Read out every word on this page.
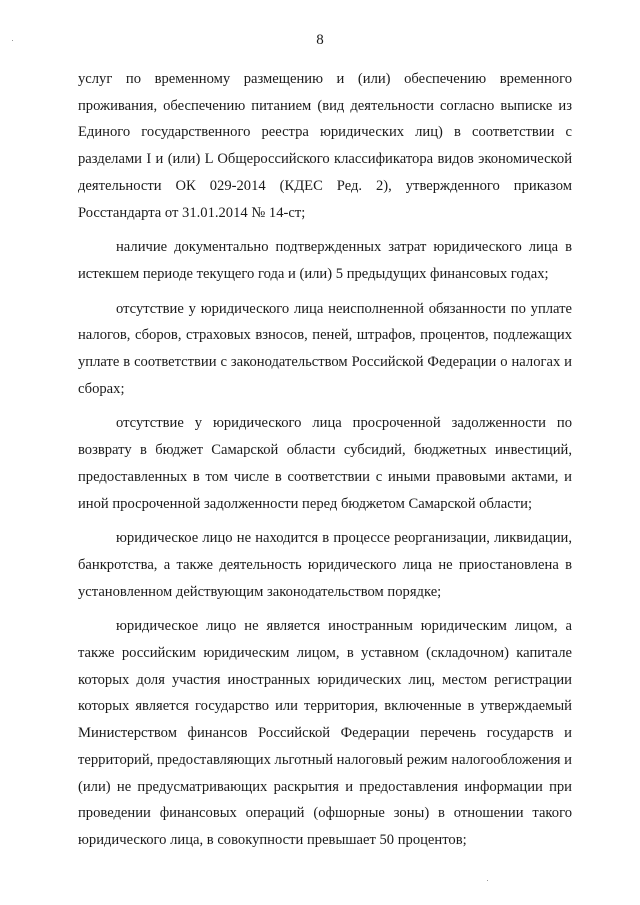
8

услуг по временному размещению и (или) обеспечению временного проживания, обеспечению питанием (вид деятельности согласно выписке из Единого государственного реестра юридических лиц) в соответствии с разделами I и (или) L Общероссийского классификатора видов экономической деятельности ОК 029-2014 (КДЕС Ред. 2), утвержденного приказом Росстандарта от 31.01.2014 № 14-ст;

наличие документально подтвержденных затрат юридического лица в истекшем периоде текущего года и (или) 5 предыдущих финансовых годах;

отсутствие у юридического лица неисполненной обязанности по уплате налогов, сборов, страховых взносов, пеней, штрафов, процентов, подлежащих уплате в соответствии с законодательством Российской Федерации о налогах и сборах;

отсутствие у юридического лица просроченной задолженности по возврату в бюджет Самарской области субсидий, бюджетных инвестиций, предоставленных в том числе в соответствии с иными правовыми актами, и иной просроченной задолженности перед бюджетом Самарской области;

юридическое лицо не находится в процессе реорганизации, ликвидации, банкротства, а также деятельность юридического лица не приостановлена в установленном действующим законодательством порядке;

юридическое лицо не является иностранным юридическим лицом, а также российским юридическим лицом, в уставном (складочном) капитале которых доля участия иностранных юридических лиц, местом регистрации которых является государство или территория, включенные в утверждаемый Министерством финансов Российской Федерации перечень государств и территорий, предоставляющих льготный налоговый режим налогообложения и (или) не предусматривающих раскрытия и предоставления информации при проведении финансовых операций (офшорные зоны) в отношении такого юридического лица, в совокупности превышает 50 процентов;
